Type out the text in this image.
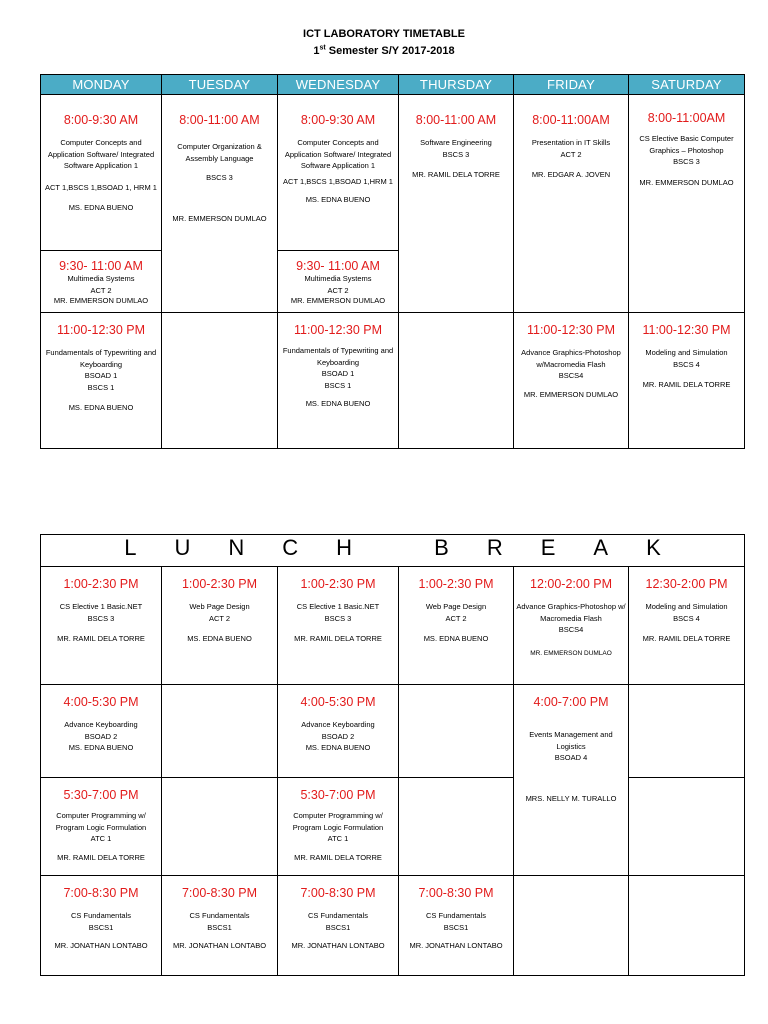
ICT LABORATORY TIMETABLE
1st Semester S/Y 2017-2018
MONDAY	TUESDAY	WEDNESDAY	THURSDAY	FRIDAY	SATURDAY

8:00-9:30 AM
Computer Concepts and Application Software/ Integrated Software Application 1
ACT 1,BSCS 1,BSOAD 1, HRM 1
MS. EDNA BUENO	8:00-11:00 AM
Computer Organization & Assembly Language
BSCS 3
MR. EMMERSON DUMLAO	8:00-9:30 AM
Computer Concepts and Application Software/ Integrated Software Application 1
ACT 1,BSCS 1,BSOAD 1,HRM 1
MS. EDNA BUENO	8:00-11:00 AM
Software Engineering
BSCS 3
MR. RAMIL DELA TORRE	8:00-11:00AM
Presentation in IT Skills
ACT 2
MR. EDGAR A. JOVEN	8:00-11:00AM
CS Elective Basic Computer Graphics – Photoshop
BSCS 3
MR. EMMERSON DUMLAO

9:30- 11:00 AM
Multimedia Systems
ACT 2
MR. EMMERSON DUMLAO		9:30- 11:00 AM
Multimedia Systems
ACT 2
MR. EMMERSON DUMLAO			

11:00-12:30 PM
Fundamentals of Typewriting and Keyboarding
BSOAD 1
BSCS 1
MS. EDNA BUENO		11:00-12:30 PM
Fundamentals of Typewriting and Keyboarding
BSOAD 1
BSCS 1
MS. EDNA BUENO		11:00-12:30 PM
Advance Graphics-Photoshop w/Macromedia Flash
BSCS4
MR. EMMERSON DUMLAO	11:00-12:30 PM
Modeling and Simulation
BSCS 4
MR. RAMIL DELA TORRE
LUNCH BREAK					

1:00-2:30 PM
CS Elective 1 Basic.NET
BSCS 3
MR. RAMIL DELA TORRE	1:00-2:30 PM
Web Page Design
ACT 2
MS. EDNA BUENO	1:00-2:30 PM
CS Elective 1 Basic.NET
BSCS 3
MR. RAMIL DELA TORRE	1:00-2:30 PM
Web Page Design
ACT 2
MS. EDNA BUENO	12:00-2:00 PM
Advance Graphics-Photoshop w/ Macromedia Flash
BSCS4
MR. EMMERSON DUMLAO	12:30-2:00 PM
Modeling and Simulation
BSCS 4
MR. RAMIL DELA TORRE

4:00-5:30 PM
Advance Keyboarding
BSOAD 2
MS. EDNA BUENO		4:00-5:30 PM
Advance Keyboarding
BSOAD 2
MS. EDNA BUENO		4:00-7:00 PM
Events Management and Logistics
BSOAD 4
MRS. NELLY M. TURALLO	

5:30-7:00 PM
Computer Programming w/ Program Logic Formulation
ATC 1
MR. RAMIL DELA TORRE		5:30-7:00 PM
Computer Programming w/ Program Logic Formulation
ATC 1
MR. RAMIL DELA TORRE			

7:00-8:30 PM
CS Fundamentals
BSCS1
MR. JONATHAN LONTABO	7:00-8:30 PM
CS Fundamentals
BSCS1
MR. JONATHAN LONTABO	7:00-8:30 PM
CS Fundamentals
BSCS1
MR. JONATHAN LONTABO	7:00-8:30 PM
CS Fundamentals
BSCS1
MR. JONATHAN LONTABO		
